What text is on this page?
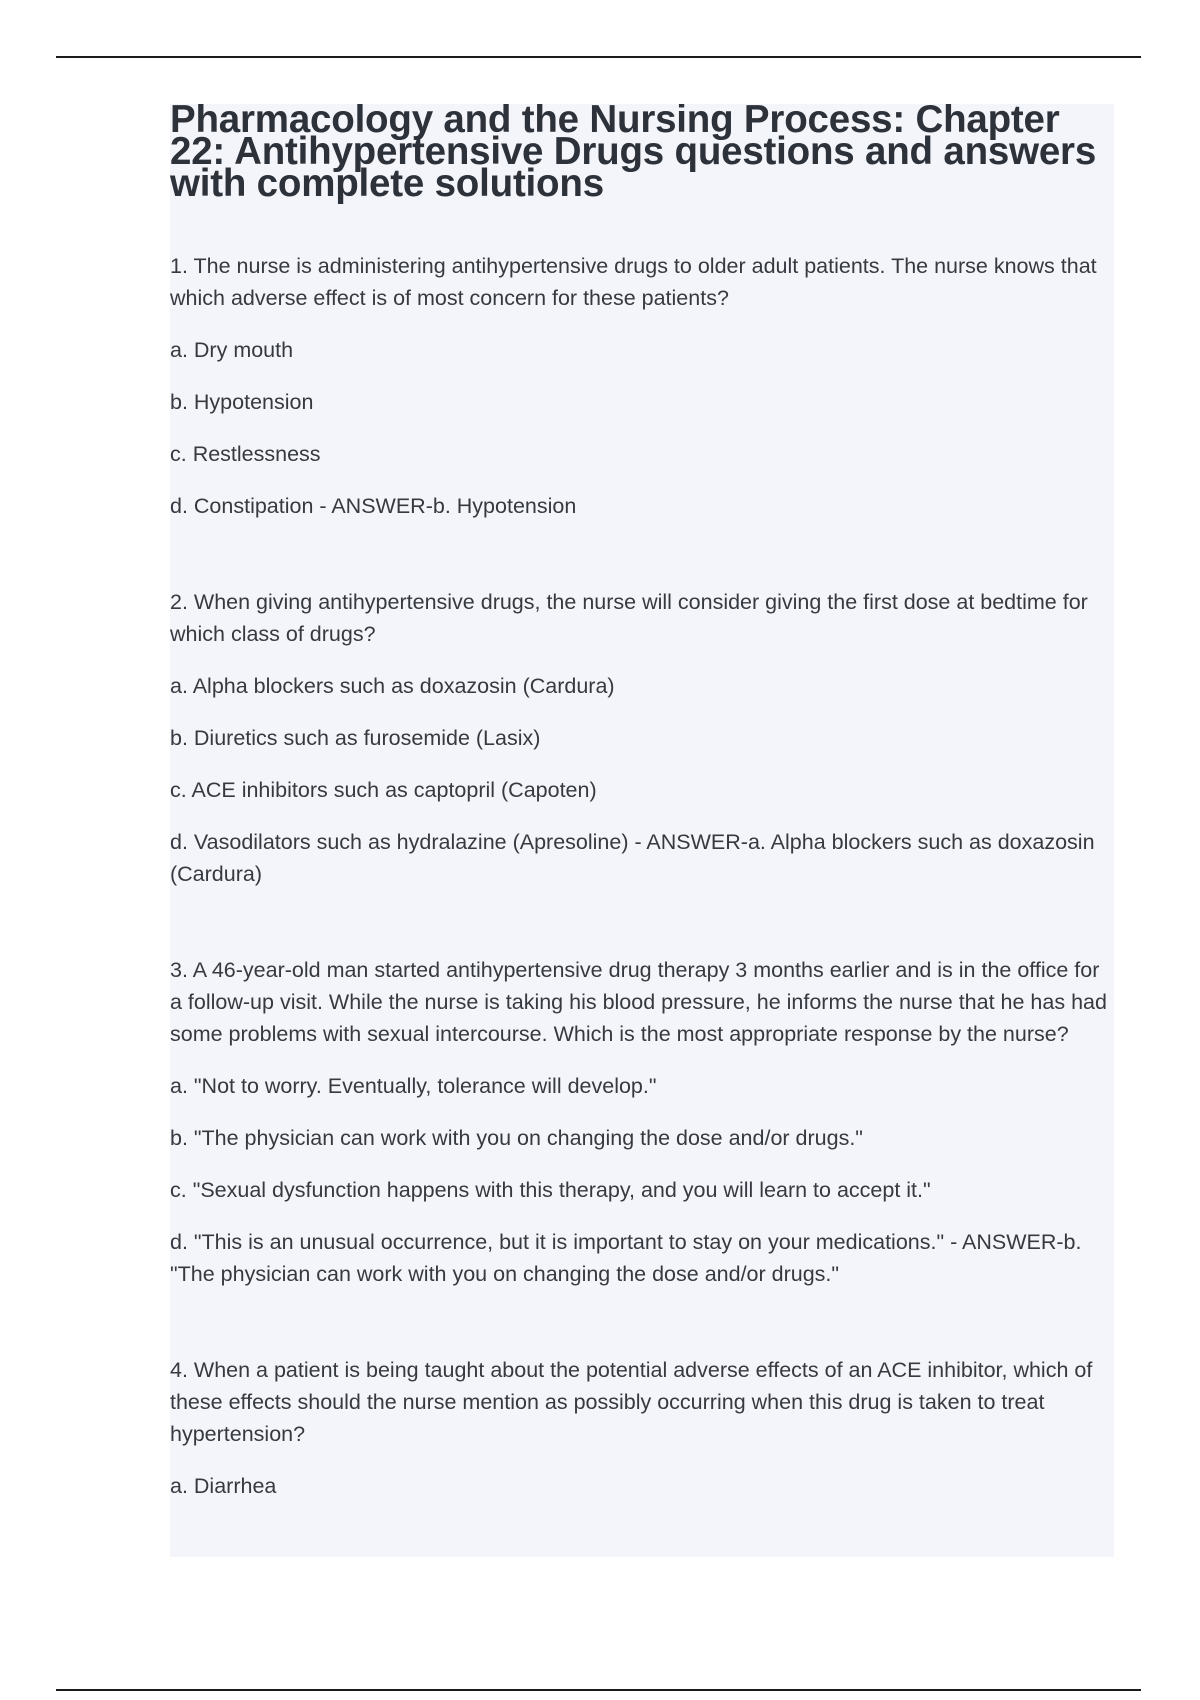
Pharmacology and the Nursing Process: Chapter 22: Antihypertensive Drugs questions and answers with complete solutions

1. The nurse is administering antihypertensive drugs to older adult patients. The nurse knows that which adverse effect is of most concern for these patients?

a. Dry mouth

b. Hypotension

c. Restlessness

d. Constipation - ANSWER-b. Hypotension

2. When giving antihypertensive drugs, the nurse will consider giving the first dose at bedtime for which class of drugs?

a. Alpha blockers such as doxazosin (Cardura)

b. Diuretics such as furosemide (Lasix)

c. ACE inhibitors such as captopril (Capoten)

d. Vasodilators such as hydralazine (Apresoline) - ANSWER-a. Alpha blockers such as doxazosin (Cardura)

3. A 46-year-old man started antihypertensive drug therapy 3 months earlier and is in the office for a follow-up visit. While the nurse is taking his blood pressure, he informs the nurse that he has had some problems with sexual intercourse. Which is the most appropriate response by the nurse?

a. "Not to worry. Eventually, tolerance will develop."

b. "The physician can work with you on changing the dose and/or drugs."

c. "Sexual dysfunction happens with this therapy, and you will learn to accept it."

d. "This is an unusual occurrence, but it is important to stay on your medications." - ANSWER-b. "The physician can work with you on changing the dose and/or drugs."

4. When a patient is being taught about the potential adverse effects of an ACE inhibitor, which of these effects should the nurse mention as possibly occurring when this drug is taken to treat hypertension?

a. Diarrhea
